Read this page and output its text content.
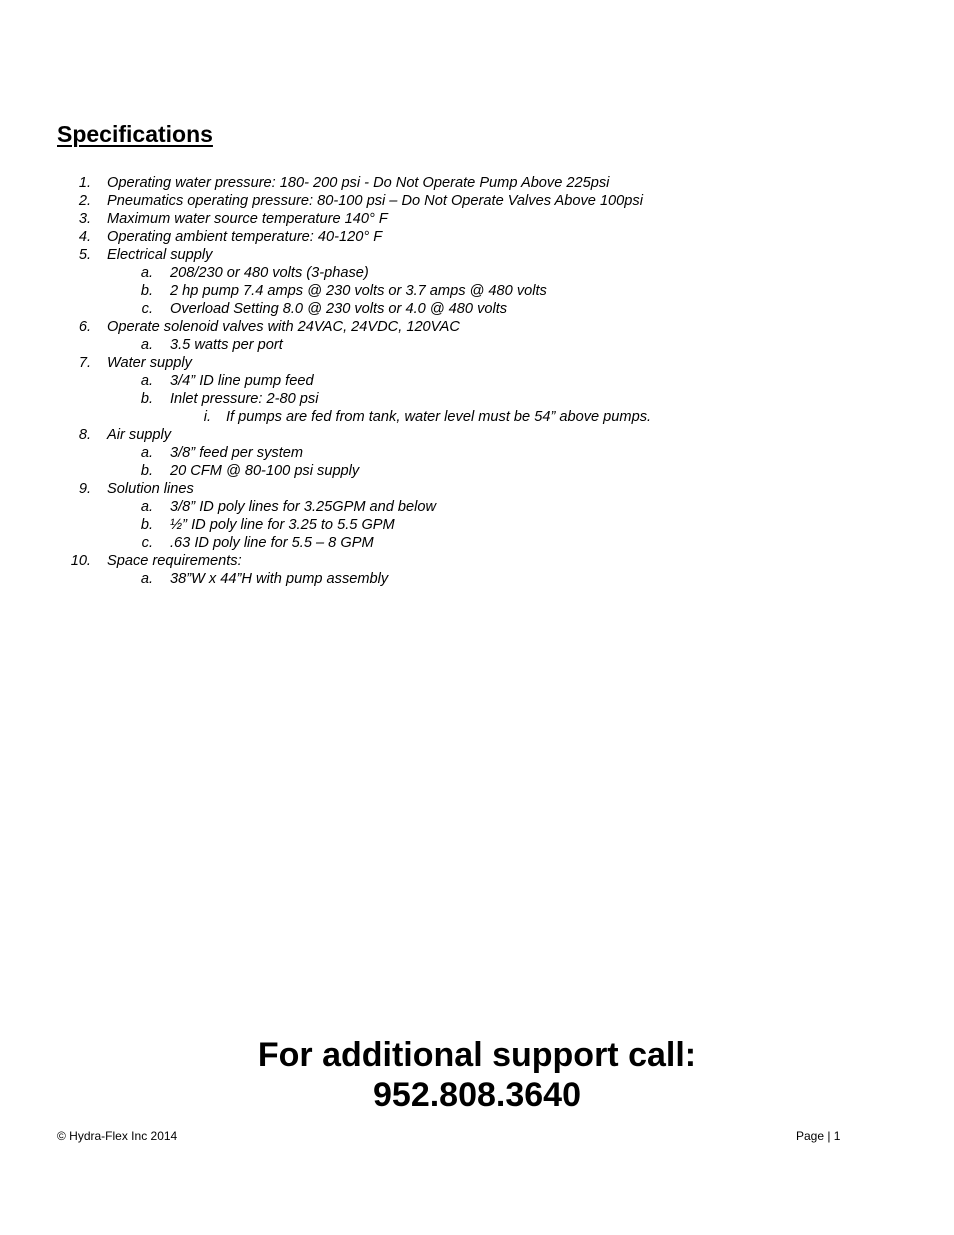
Specifications
1. Operating water pressure: 180- 200 psi - Do Not Operate Pump Above 225psi
2. Pneumatics operating pressure: 80-100 psi – Do Not Operate Valves Above 100psi
3. Maximum water source temperature 140° F
4. Operating ambient temperature: 40-120° F
5. Electrical supply
a. 208/230 or 480 volts (3-phase)
b. 2 hp pump 7.4 amps @ 230 volts or 3.7 amps @ 480 volts
c. Overload Setting 8.0 @ 230 volts or 4.0 @ 480 volts
6. Operate solenoid valves with 24VAC, 24VDC, 120VAC
a. 3.5 watts per port
7. Water supply
a. 3/4” ID line pump feed
b. Inlet pressure: 2-80 psi
i. If pumps are fed from tank, water level must be 54” above pumps.
8. Air supply
a. 3/8” feed per system
b. 20 CFM @ 80-100 psi supply
9. Solution lines
a. 3/8” ID poly lines for 3.25GPM and below
b. ½” ID poly line for 3.25 to 5.5 GPM
c. .63 ID poly line for 5.5 – 8 GPM
10. Space requirements:
a. 38”W x 44”H with pump assembly
For additional support call:
952.808.3640
© Hydra-Flex Inc 2014	Page | 1
